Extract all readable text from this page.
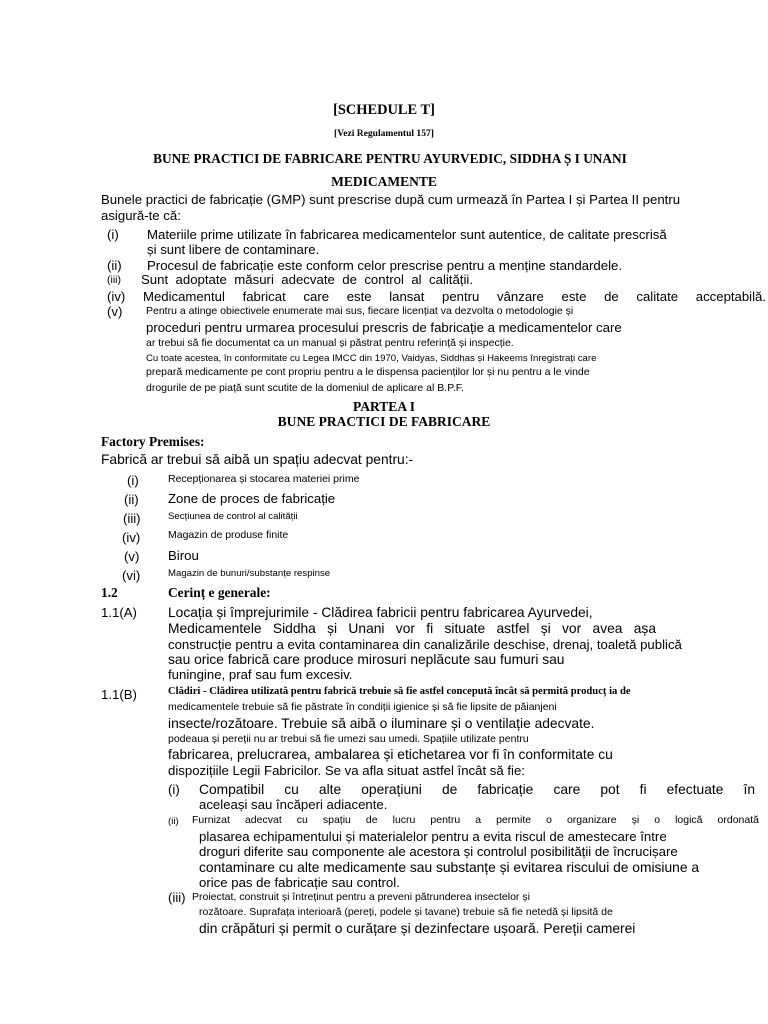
[SCHEDULE T]
[Vezi Regulamentul 157]
BUNE PRACTICI DE FABRICARE PENTRU AYURVEDIC, SIDDHA Ș I UNANI
MEDICAMENTE
Bunele practici de fabricație (GMP) sunt prescrise după cum urmează în Partea I și Partea II pentru
asigură-te că:
(i) Materiile prime utilizate în fabricarea medicamentelor sunt autentice, de calitate prescrisă
și sunt libere de contaminare.
(ii) Procesul de fabricație este conform celor prescrise pentru a menține standardele.
(iii) Sunt adoptate măsuri adecvate de control al calității.
(iv) Medicamentul fabricat care este lansat pentru vânzare este de calitate acceptabilă.
(v) Pentru a atinge obiectivele enumerate mai sus, fiecare licențiat va dezvolta o metodologie și
proceduri pentru urmarea procesului prescris de fabricație a medicamentelor care
ar trebui să fie documentat ca un manual și păstrat pentru referință și inspecție.
Cu toate acestea, în conformitate cu Legea IMCC din 1970, Vaidyas, Siddhas și Hakeems înregistrați care
prepară medicamente pe cont propriu pentru a le dispensa pacienților lor și nu pentru a le vinde
drogurile de pe piață sunt scutite de la domeniul de aplicare al B.P.F.
PARTEA I
BUNE PRACTICI DE FABRICARE
Factory Premises:
Fabrică ar trebui să aibă un spațiu adecvat pentru:-
(i)	Recepționarea și stocarea materiei prime
(ii) Zone de proces de fabricație
(iii)	Secțiunea de control al calității
(iv)	Magazin de produse finite
(v) Birou
(vi)	Magazin de bunuri/substanțe respinse
1.2	Cerinț e generale:
1.1(A) Locația și împrejurimile - Clădirea fabricii pentru fabricarea Ayurvedei,
Medicamentele Siddha și Unani vor fi situate astfel și vor avea așa
construcție pentru a evita contaminarea din canalizările deschise, drenaj, toaletă publică
sau orice fabrică care produce mirosuri neplăcute sau fumuri sau
funingine, praf sau fum excesiv.
1.1(B)	Clădiri - Clădirea utilizată pentru fabrică trebuie să fie astfel concepută încât să permită producț ia de
medicamentele trebuie să fie păstrate în condiții igienice și să fie lipsite de păianjeni
insecte/rozătoare. Trebuie să aibă o iluminare și o ventilație adecvate.
podeaua și pereții nu ar trebui să fie umezi sau umedi. Spațiile utilizate pentru
fabricarea, prelucrarea, ambalarea și etichetarea vor fi în conformitate cu
dispozițiile Legii Fabricilor. Se va afla situat astfel încât să fie:
(i) Compatibil cu alte operațiuni de fabricație care pot fi efectuate în
aceleași sau încăperi adiacente.
(ii) Furnizat adecvat cu spațiu de lucru pentru a permite o organizare și o logică ordonată
plasarea echipamentului și materialelor pentru a evita riscul de amestecare între
droguri diferite sau componente ale acestora și controlul posibilității de încrucișare
contaminare cu alte medicamente sau substanțe și evitarea riscului de omisiune a
orice pas de fabricație sau control.
(iii) Proiectat, construit și întreținut pentru a preveni pătrunderea insectelor și
rozătoare. Suprafața interioară (pereți, podele și tavane) trebuie să fie netedă și lipsită de
din crăpături și permit o curățare și dezinfectare ușoară. Pereții camerei
